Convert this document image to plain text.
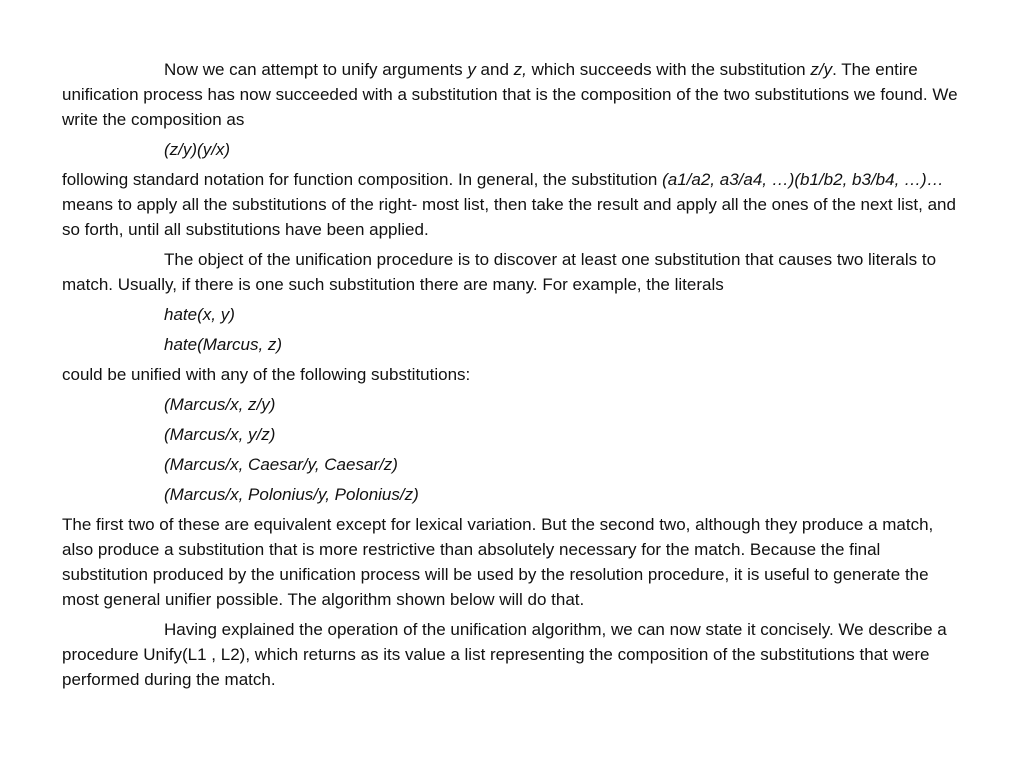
Now we can attempt to unify arguments y and z, which succeeds with the substitution z/y. The entire unification process has now succeeded with a substitution that is the composition of the two substitutions we found. We write the composition as

(z/y)(y/x)

following standard notation for function composition. In general, the substitution (a1/a2, a3/a4, …)(b1/b2, b3/b4, …)… means to apply all the substitutions of the right- most list, then take the result and apply all the ones of the next list, and so forth, until all substitutions have been applied.

The object of the unification procedure is to discover at least one substitution that causes two literals to match. Usually, if there is one such substitution there are many. For example, the literals

hate(x, y)

hate(Marcus, z)

could be unified with any of the following substitutions:

(Marcus/x, z/y)

(Marcus/x, y/z)

(Marcus/x, Caesar/y, Caesar/z)

(Marcus/x, Polonius/y, Polonius/z)

The first two of these are equivalent except for lexical variation. But the second two, although they produce a match, also produce a substitution that is more restrictive than absolutely necessary for the match. Because the final substitution produced by the unification process will be used by the resolution procedure, it is useful to generate the most general unifier possible. The algorithm shown below will do that.

Having explained the operation of the unification algorithm, we can now state it concisely. We describe a procedure Unify(L1 , L2), which returns as its value a list representing the composition of the substitutions that were performed during the match.
